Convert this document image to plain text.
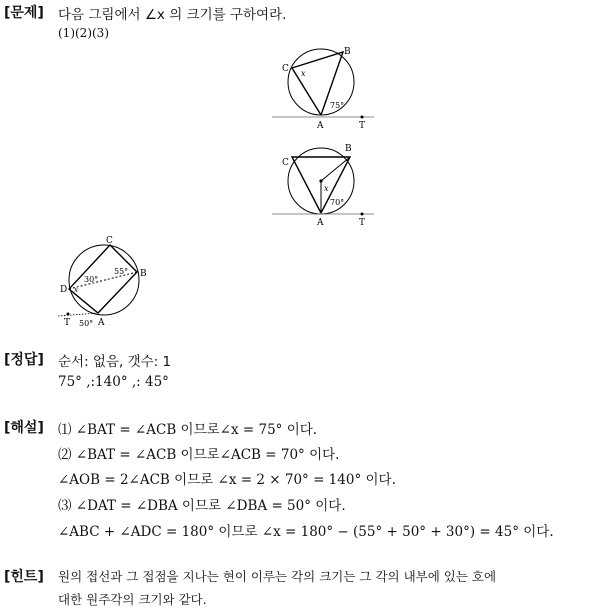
[문제] 다음 그림에서 ∠x 의 크기를 구하여라.
(1)(2)(3)
C
B
A	T
x
75°
C
B
A	T
x
70°
C
B
D
A
T
x
30°
55°
50°
[정답] 순서: 없음, 갯수: 1
75° ,:140° ,: 45°
[해설] ⑴ ∠BAT = ∠ACB 이므로∠x = 75° 이다.
⑵ ∠BAT = ∠ACB 이므로∠ACB = 70° 이다.
∠AOB = 2∠ACB 이므로 ∠x = 2 × 70° = 140° 이다.
⑶ ∠DAT = ∠DBA 이므로 ∠DBA = 50° 이다.
∠ABC + ∠ADC = 180° 이므로 ∠x = 180° − (55° + 50° + 30°) = 45° 이다.
[힌트] 원의 접선과 그 접점을 지나는 현이 이루는 각의 크기는 그 각의 내부에 있는 호에
대한 원주각의 크기와 같다.
